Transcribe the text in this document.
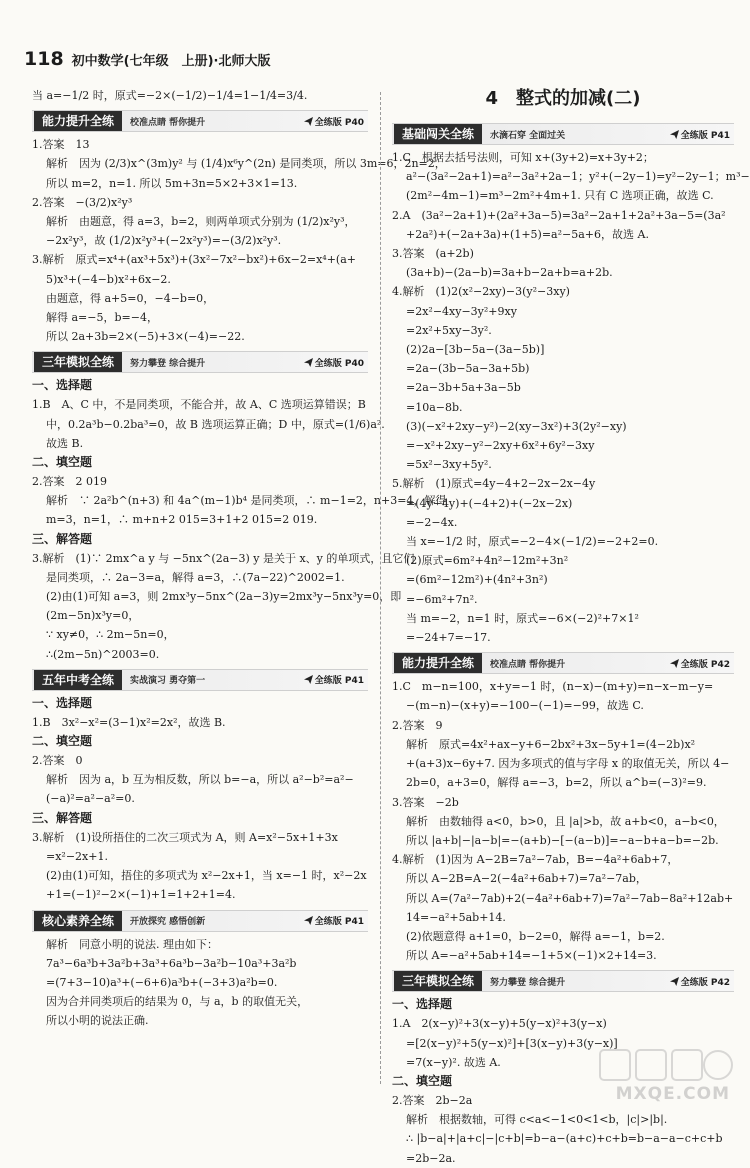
118 初中数学(七年级　上册)·北师大版
当 a=−1/2 时，原式=−2×(−1/2)−1/4=1−1/4=3/4.
能力提升全练	校准点睛 帮你提升	全练版 P40
1.答案　13
解析　因为 (2/3)x^(3m)y² 与 (1/4)x⁶y^(2n) 是同类项，所以 3m=6，2n=2，
所以 m=2，n=1. 所以 5m+3n=5×2+3×1=13.
2.答案　−(3/2)x²y³
解析　由题意，得 a=3，b=2，则两单项式分别为 (1/2)x²y³，
−2x²y³，故 (1/2)x²y³+(−2x²y³)=−(3/2)x²y³.
3.解析　原式=x⁴+(ax³+5x³)+(3x²−7x²−bx²)+6x−2=x⁴+(a+
5)x³+(−4−b)x²+6x−2.
由题意，得 a+5=0，−4−b=0，
解得 a=−5，b=−4，
所以 2a+3b=2×(−5)+3×(−4)=−22.
三年模拟全练	努力攀登 综合提升	全练版 P40
一、选择题
1.B　A、C 中，不是同类项，不能合并，故 A、C 选项运算错误；B
中，0.2a³b−0.2ba³=0，故 B 选项运算正确；D 中，原式=(1/6)a².
故选 B.
二、填空题
2.答案　2 019
解析　∵ 2a²b^(n+3) 和 4a^(m−1)b⁴ 是同类项，∴ m−1=2，n+3=4，解得
m=3，n=1，∴ m+n+2 015=3+1+2 015=2 019.
三、解答题
3.解析　(1)∵ 2mx^a y 与 −5nx^(2a−3) y 是关于 x、y 的单项式，且它们
是同类项，∴ 2a−3=a，解得 a=3，∴(7a−22)^2002=1.
(2)由(1)可知 a=3，则 2mx³y−5nx^(2a−3)y=2mx³y−5nx³y=0，即
(2m−5n)x³y=0，
∵ xy≠0，∴ 2m−5n=0，
∴(2m−5n)^2003=0.
五年中考全练	实战演习 勇夺第一	全练版 P41
一、选择题
1.B　3x²−x²=(3−1)x²=2x²，故选 B.
二、填空题
2.答案　0
解析　因为 a，b 互为相反数，所以 b=−a，所以 a²−b²=a²−
(−a)²=a²−a²=0.
三、解答题
3.解析　(1)设所捂住的二次三项式为 A，则 A=x²−5x+1+3x
=x²−2x+1.
(2)由(1)可知，捂住的多项式为 x²−2x+1，当 x=−1 时，x²−2x
+1=(−1)²−2×(−1)+1=1+2+1=4.
核心素养全练	开放探究 感悟创新	全练版 P41
解析　同意小明的说法. 理由如下：
7a³−6a³b+3a²b+3a³+6a³b−3a²b−10a³+3a²b
=(7+3−10)a³+(−6+6)a³b+(−3+3)a²b=0.
因为合并同类项后的结果为 0，与 a，b 的取值无关，
所以小明的说法正确.
4　整式的加减(二)
基础闯关全练	水滴石穿 全面过关	全练版 P41
1.C　根据去括号法则，可知 x+(3y+2)=x+3y+2；
a²−(3a²−2a+1)=a²−3a²+2a−1；y²+(−2y−1)=y²−2y−1；m³−
(2m²−4m−1)=m³−2m²+4m+1. 只有 C 选项正确，故选 C.
2.A　(3a²−2a+1)+(2a²+3a−5)=3a²−2a+1+2a²+3a−5=(3a²
+2a²)+(−2a+3a)+(1+5)=a²−5a+6，故选 A.
3.答案　(a+2b)
(3a+b)−(2a−b)=3a+b−2a+b=a+2b.
4.解析　(1)2(x²−2xy)−3(y²−3xy)
=2x²−4xy−3y²+9xy
=2x²+5xy−3y².
(2)2a−[3b−5a−(3a−5b)]
=2a−(3b−5a−3a+5b)
=2a−3b+5a+3a−5b
=10a−8b.
(3)(−x²+2xy−y²)−2(xy−3x²)+3(2y²−xy)
=−x²+2xy−y²−2xy+6x²+6y²−3xy
=5x²−3xy+5y².
5.解析　(1)原式=4y−4+2−2x−2x−4y
=(4y−4y)+(−4+2)+(−2x−2x)
=−2−4x.
当 x=−1/2 时，原式=−2−4×(−1/2)=−2+2=0.
(2)原式=6m²+4n²−12m²+3n²
=(6m²−12m²)+(4n²+3n²)
=−6m²+7n².
当 m=−2，n=1 时，原式=−6×(−2)²+7×1²
=−24+7=−17.
能力提升全练	校准点睛 帮你提升	全练版 P42
1.C　m−n=100，x+y=−1 时，(n−x)−(m+y)=n−x−m−y=
−(m−n)−(x+y)=−100−(−1)=−99，故选 C.
2.答案　9
解析　原式=4x²+ax−y+6−2bx²+3x−5y+1=(4−2b)x²
+(a+3)x−6y+7. 因为多项式的值与字母 x 的取值无关，所以 4−
2b=0，a+3=0，解得 a=−3，b=2，所以 a^b=(−3)²=9.
3.答案　−2b
解析　由数轴得 a<0，b>0，且 |a|>b，故 a+b<0，a−b<0，
所以 |a+b|−|a−b|=−(a+b)−[−(a−b)]=−a−b+a−b=−2b.
4.解析　(1)因为 A−2B=7a²−7ab，B=−4a²+6ab+7，
所以 A−2B=A−2(−4a²+6ab+7)=7a²−7ab，
所以 A=(7a²−7ab)+2(−4a²+6ab+7)=7a²−7ab−8a²+12ab+
14=−a²+5ab+14.
(2)依题意得 a+1=0，b−2=0，解得 a=−1，b=2.
所以 A=−a²+5ab+14=−1+5×(−1)×2+14=3.
三年模拟全练	努力攀登 综合提升	全练版 P42
一、选择题
1.A　2(x−y)²+3(x−y)+5(y−x)²+3(y−x)
=[2(x−y)²+5(y−x)²]+[3(x−y)+3(y−x)]
=7(x−y)². 故选 A.
二、填空题
2.答案　2b−2a
解析　根据数轴，可得 c<a<−1<0<1<b，|c|>|b|.
∴ |b−a|+|a+c|−|c+b|=b−a−(a+c)+c+b=b−a−a−c+c+b
=2b−2a.
MXQE.COM
